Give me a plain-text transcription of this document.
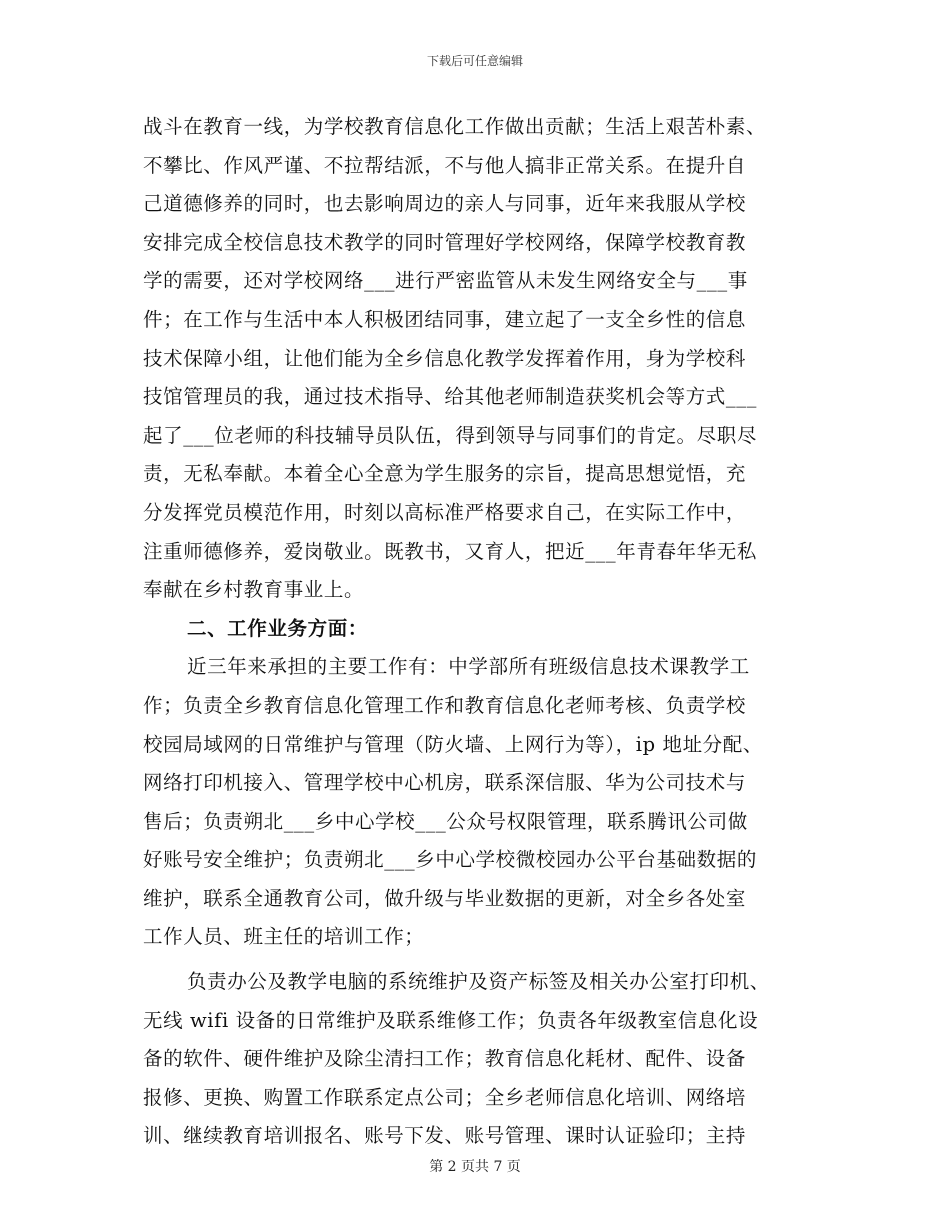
下载后可任意编辑
战斗在教育一线，为学校教育信息化工作做出贡献；生活上艰苦朴素、
不攀比、作风严谨、不拉帮结派，不与他人搞非正常关系。在提升自
己道德修养的同时，也去影响周边的亲人与同事，近年来我服从学校
安排完成全校信息技术教学的同时管理好学校网络，保障学校教育教
学的需要，还对学校网络___进行严密监管从未发生网络安全与___事
件；在工作与生活中本人积极团结同事，建立起了一支全乡性的信息
技术保障小组，让他们能为全乡信息化教学发挥着作用，身为学校科
技馆管理员的我，通过技术指导、给其他老师制造获奖机会等方式___
起了___位老师的科技辅导员队伍，得到领导与同事们的肯定。尽职尽
责，无私奉献。本着全心全意为学生服务的宗旨，提高思想觉悟，充
分发挥党员模范作用，时刻以高标准严格要求自己，在实际工作中，
注重师德修养，爱岗敬业。既教书，又育人，把近___年青春年华无私
奉献在乡村教育事业上。
二、工作业务方面：
近三年来承担的主要工作有：中学部所有班级信息技术课教学工
作；负责全乡教育信息化管理工作和教育信息化老师考核、负责学校
校园局域网的日常维护与管理（防火墙、上网行为等），ip 地址分配、
网络打印机接入、管理学校中心机房，联系深信服、华为公司技术与
售后；负责朔北___乡中心学校___公众号权限管理，联系腾讯公司做
好账号安全维护；负责朔北___乡中心学校微校园办公平台基础数据的
维护，联系全通教育公司，做升级与毕业数据的更新，对全乡各处室
工作人员、班主任的培训工作；
负责办公及教学电脑的系统维护及资产标签及相关办公室打印机、
无线 wifi 设备的日常维护及联系维修工作；负责各年级教室信息化设
备的软件、硬件维护及除尘清扫工作；教育信息化耗材、配件、设备
报修、更换、购置工作联系定点公司；全乡老师信息化培训、网络培
训、继续教育培训报名、账号下发、账号管理、课时认证验印；主持
第 2 页共 7 页
